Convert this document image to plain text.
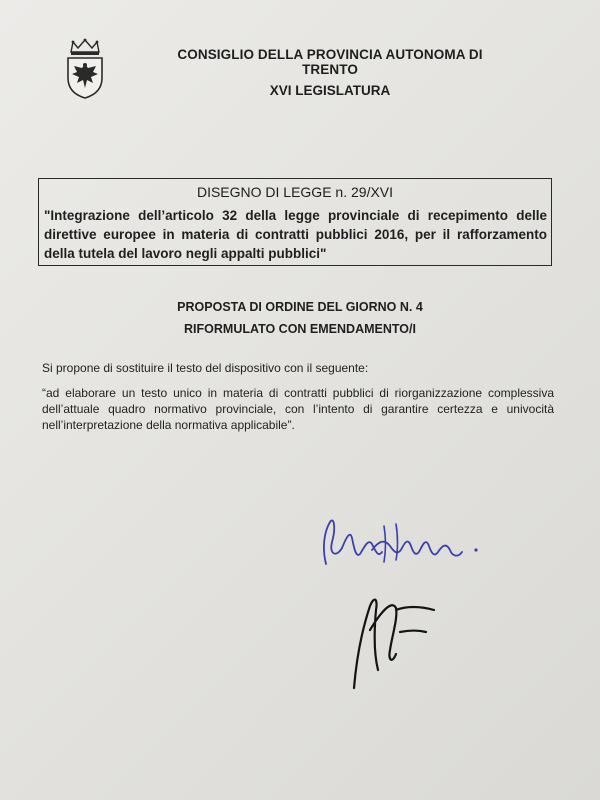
CONSIGLIO DELLA PROVINCIA AUTONOMA DI TRENTO
XVI LEGISLATURA
DISEGNO DI LEGGE n. 29/XVI
"Integrazione dell’articolo 32 della legge provinciale di recepimento delle direttive europee in materia di contratti pubblici 2016, per il rafforzamento della tutela del lavoro negli appalti pubblici"
PROPOSTA DI ORDINE DEL GIORNO N. 4
RIFORMULATO CON EMENDAMENTO/I
Si propone di sostituire il testo del dispositivo con il seguente:
“ad elaborare un testo unico in materia di contratti pubblici di riorganizzazione complessiva dell’attuale quadro normativo provinciale, con l’intento di garantire certezza e univocità nell’interpretazione della normativa applicabile”.
